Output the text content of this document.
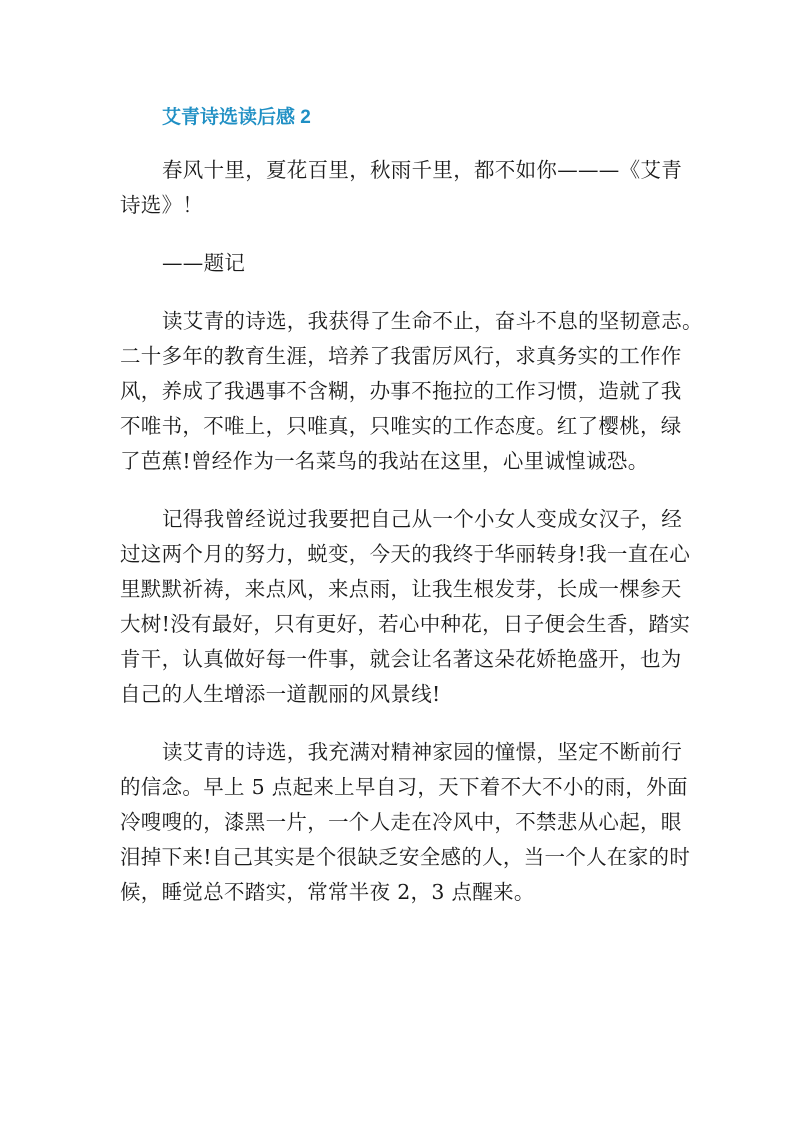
艾青诗选读后感 2

春风十里，夏花百里，秋雨千里，都不如你———《艾青
诗选》！

——题记

读艾青的诗选，我获得了生命不止，奋斗不息的坚韧意志。
二十多年的教育生涯，培养了我雷厉风行，求真务实的工作作
风，养成了我遇事不含糊，办事不拖拉的工作习惯，造就了我
不唯书，不唯上，只唯真，只唯实的工作态度。红了樱桃，绿
了芭蕉!曾经作为一名菜鸟的我站在这里，心里诚惶诚恐。

记得我曾经说过我要把自己从一个小女人变成女汉子，经
过这两个月的努力，蜕变，今天的我终于华丽转身!我一直在心
里默默祈祷，来点风，来点雨，让我生根发芽，长成一棵参天
大树!没有最好，只有更好，若心中种花，日子便会生香，踏实
肯干，认真做好每一件事，就会让名著这朵花娇艳盛开，也为
自己的人生增添一道靓丽的风景线!

读艾青的诗选，我充满对精神家园的憧憬，坚定不断前行
的信念。早上 5 点起来上早自习，天下着不大不小的雨，外面
冷嗖嗖的，漆黑一片，一个人走在冷风中，不禁悲从心起，眼
泪掉下来!自己其实是个很缺乏安全感的人，当一个人在家的时
候，睡觉总不踏实，常常半夜 2，3 点醒来。
